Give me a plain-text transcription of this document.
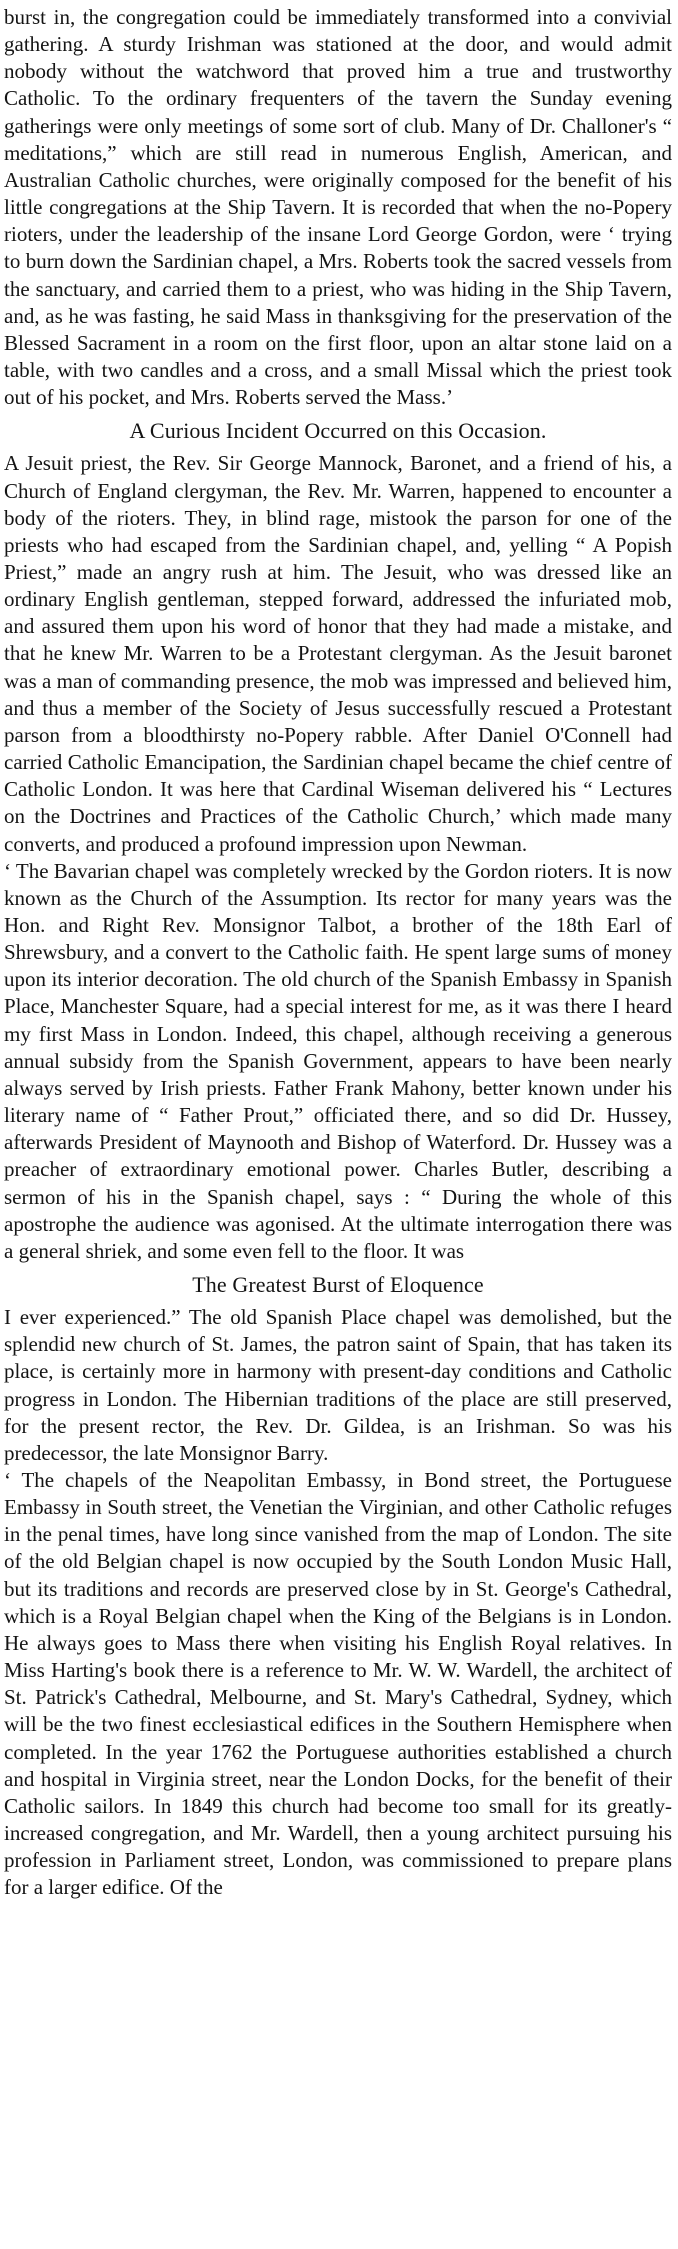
burst in, the congregation could be immediately transformed into a convivial gathering. A sturdy Irishman was stationed at the door, and would admit nobody without the watchword that proved him a true and trustworthy Catholic. To the ordinary frequenters of the tavern the Sunday evening gatherings were only meetings of some sort of club. Many of Dr. Challoner's “ meditations,” which are still read in numerous English, American, and Australian Catholic churches, were originally composed for the benefit of his little congregations at the Ship Tavern. It is recorded that when the no-Popery rioters, under the leadership of the insane Lord George Gordon, were ‘ trying to burn down the Sardinian chapel, a Mrs. Roberts took the sacred vessels from the sanctuary, and carried them to a priest, who was hiding in the Ship Tavern, and, as he was fasting, he said Mass in thanksgiving for the preservation of the Blessed Sacrament in a room on the first floor, upon an altar stone laid on a table, with two candles and a cross, and a small Missal which the priest took out of his pocket, and Mrs. Roberts served the Mass.’

A Curious Incident Occurred on this Occasion.

A Jesuit priest, the Rev. Sir George Mannock, Baronet, and a friend of his, a Church of England clergyman, the Rev. Mr. Warren, happened to encounter a body of the rioters. They, in blind rage, mistook the parson for one of the priests who had escaped from the Sardinian chapel, and, yelling “ A Popish Priest,” made an angry rush at him. The Jesuit, who was dressed like an ordinary English gentleman, stepped forward, addressed the infuriated mob, and assured them upon his word of honor that they had made a mistake, and that he knew Mr. Warren to be a Protestant clergyman. As the Jesuit baronet was a man of commanding presence, the mob was impressed and believed him, and thus a member of the Society of Jesus successfully rescued a Protestant parson from a bloodthirsty no-Popery rabble. After Daniel O'Connell had carried Catholic Emancipation, the Sardinian chapel became the chief centre of Catholic London. It was here that Cardinal Wiseman delivered his “ Lectures on the Doctrines and Practices of the Catholic Church,’ which made many converts, and produced a profound impression upon Newman.

‘ The Bavarian chapel was completely wrecked by the Gordon rioters. It is now known as the Church of the Assumption. Its rector for many years was the Hon. and Right Rev. Monsignor Talbot, a brother of the 18th Earl of Shrewsbury, and a convert to the Catholic faith. He spent large sums of money upon its interior decoration. The old church of the Spanish Embassy in Spanish Place, Manchester Square, had a special interest for me, as it was there I heard my first Mass in London. Indeed, this chapel, although receiving a generous annual subsidy from the Spanish Government, appears to have been nearly always served by Irish priests. Father Frank Mahony, better known under his literary name of “ Father Prout,” officiated there, and so did Dr. Hussey, afterwards President of Maynooth and Bishop of Waterford. Dr. Hussey was a preacher of extraordinary emotional power. Charles Butler, describing a sermon of his in the Spanish chapel, says : “ During the whole of this apostrophe the audience was agonised. At the ultimate interrogation there was a general shriek, and some even fell to the floor. It was

The Greatest Burst of Eloquence

I ever experienced.” The old Spanish Place chapel was demolished, but the splendid new church of St. James, the patron saint of Spain, that has taken its place, is certainly more in harmony with present-day conditions and Catholic progress in London. The Hibernian traditions of the place are still preserved, for the present rector, the Rev. Dr. Gildea, is an Irishman. So was his predecessor, the late Monsignor Barry.

‘ The chapels of the Neapolitan Embassy, in Bond street, the Portuguese Embassy in South street, the Venetian the Virginian, and other Catholic refuges in the penal times, have long since vanished from the map of London. The site of the old Belgian chapel is now occupied by the South London Music Hall, but its traditions and records are preserved close by in St. George's Cathedral, which is a Royal Belgian chapel when the King of the Belgians is in London. He always goes to Mass there when visiting his English Royal relatives. In Miss Harting's book there is a reference to Mr. W. W. Wardell, the architect of St. Patrick's Cathedral, Melbourne, and St. Mary's Cathedral, Sydney, which will be the two finest ecclesiastical edifices in the Southern Hemisphere when completed. In the year 1762 the Portuguese authorities established a church and hospital in Virginia street, near the London Docks, for the benefit of their Catholic sailors. In 1849 this church had become too small for its greatly-increased congregation, and Mr. Wardell, then a young architect pursuing his profession in Parliament street, London, was commissioned to prepare plans for a larger edifice. Of the
